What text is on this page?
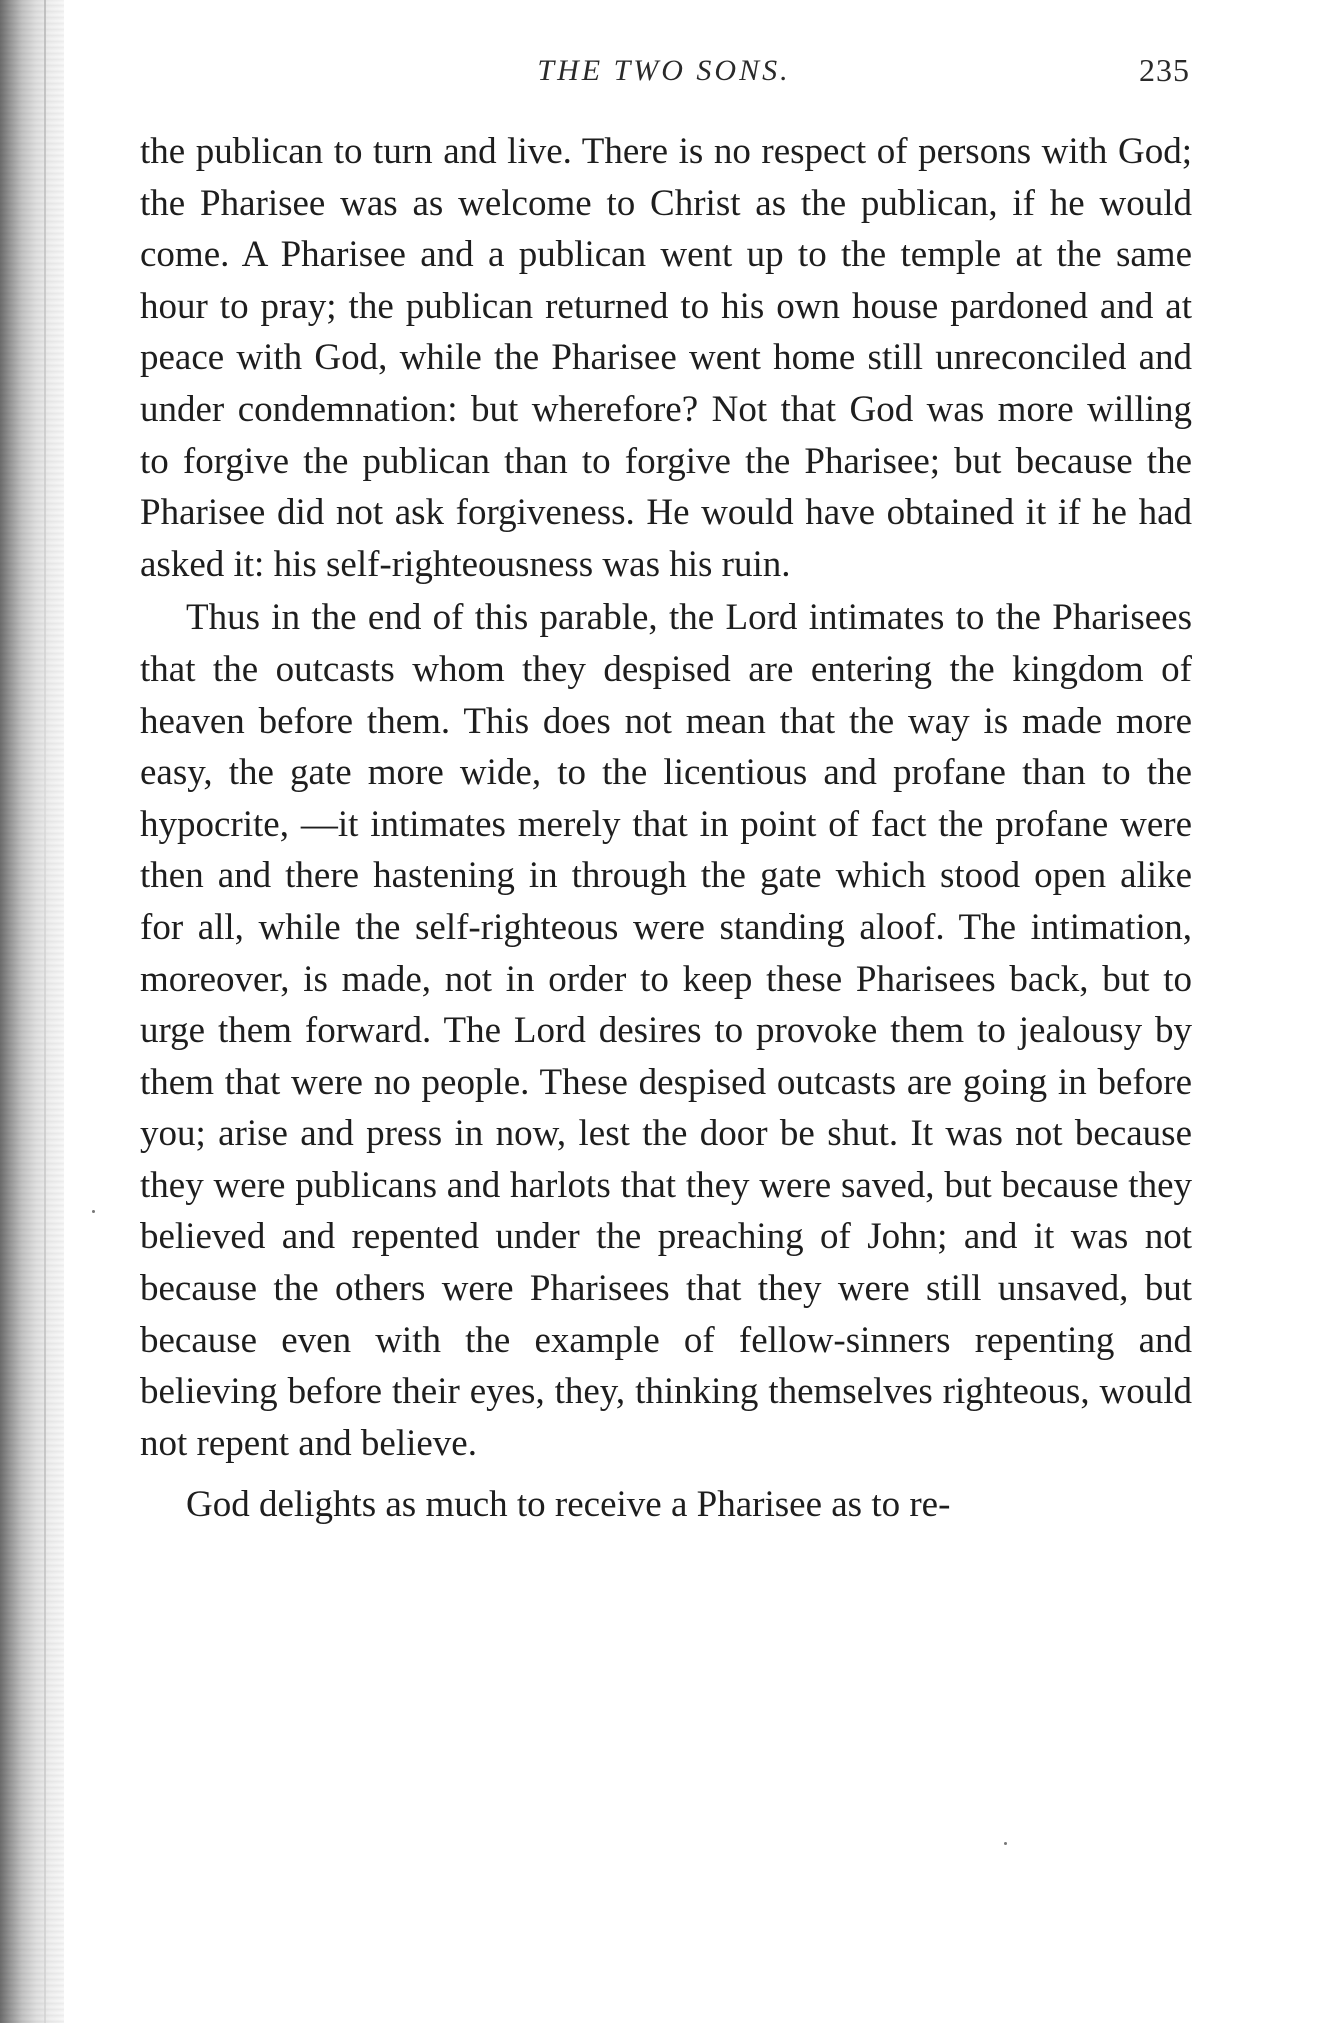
THE TWO SONS.	235

the publican to turn and live. There is no respect of persons with God; the Pharisee was as welcome to Christ as the publican, if he would come. A Pharisee and a publican went up to the temple at the same hour to pray; the publican returned to his own house pardoned and at peace with God, while the Pharisee went home still unreconciled and under condemnation: but wherefore? Not that God was more willing to forgive the publican than to forgive the Pharisee; but because the Pharisee did not ask forgiveness. He would have obtained it if he had asked it: his self-righteousness was his ruin.

Thus in the end of this parable, the Lord intimates to the Pharisees that the outcasts whom they despised are entering the kingdom of heaven before them. This does not mean that the way is made more easy, the gate more wide, to the licentious and profane than to the hypocrite, —it intimates merely that in point of fact the profane were then and there hastening in through the gate which stood open alike for all, while the self-righteous were standing aloof. The intimation, moreover, is made, not in order to keep these Pharisees back, but to urge them forward. The Lord desires to provoke them to jealousy by them that were no people. These despised outcasts are going in before you; arise and press in now, lest the door be shut. It was not because they were publicans and harlots that they were saved, but because they believed and repented under the preaching of John; and it was not because the others were Pharisees that they were still unsaved, but because even with the example of fellow-sinners repenting and believing before their eyes, they, thinking themselves righteous, would not repent and believe.

God delights as much to receive a Pharisee as to re-
